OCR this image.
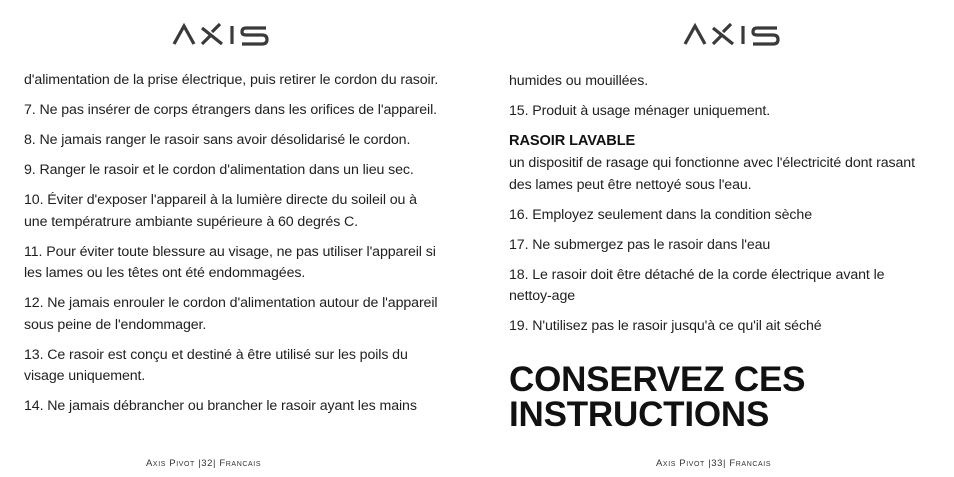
d'alimentation de la prise électrique, puis retirer le cordon du rasoir.

7. Ne pas insérer de corps étrangers dans les orifices de l'appareil.

8. Ne jamais ranger le rasoir sans avoir désolidarisé le cordon.

9. Ranger le rasoir et le cordon d'alimentation dans un lieu sec.

10. Éviter d'exposer l'appareil à la lumière directe du soileil ou à une températrure ambiante supérieure à 60 degrés C.

11. Pour éviter toute blessure au visage, ne pas utiliser l'appareil si les lames ou les têtes ont été endommagées.

12. Ne jamais enrouler le cordon d'alimentation autour de l'appareil sous peine de l'endommager.

13. Ce rasoir est conçu et destiné à être utilisé sur les poils du visage uniquement.

14. Ne jamais débrancher ou brancher le rasoir ayant les mains

Axis Pivot |32| Francais

humides ou mouillées.

15. Produit à usage ménager uniquement.

RASOIR LAVABLE

un dispositif de rasage qui fonctionne avec l'électricité dont rasant des lames peut être nettoyé sous l'eau.

16. Employez seulement dans la condition sèche

17. Ne submergez pas le rasoir dans l'eau

18. Le rasoir doit être détaché de la corde électrique avant le nettoy-age

19. N'utilisez pas le rasoir jusqu'à ce qu'il ait séché

CONSERVEZ CES
INSTRUCTIONS
Axis Pivot |33| Francais
